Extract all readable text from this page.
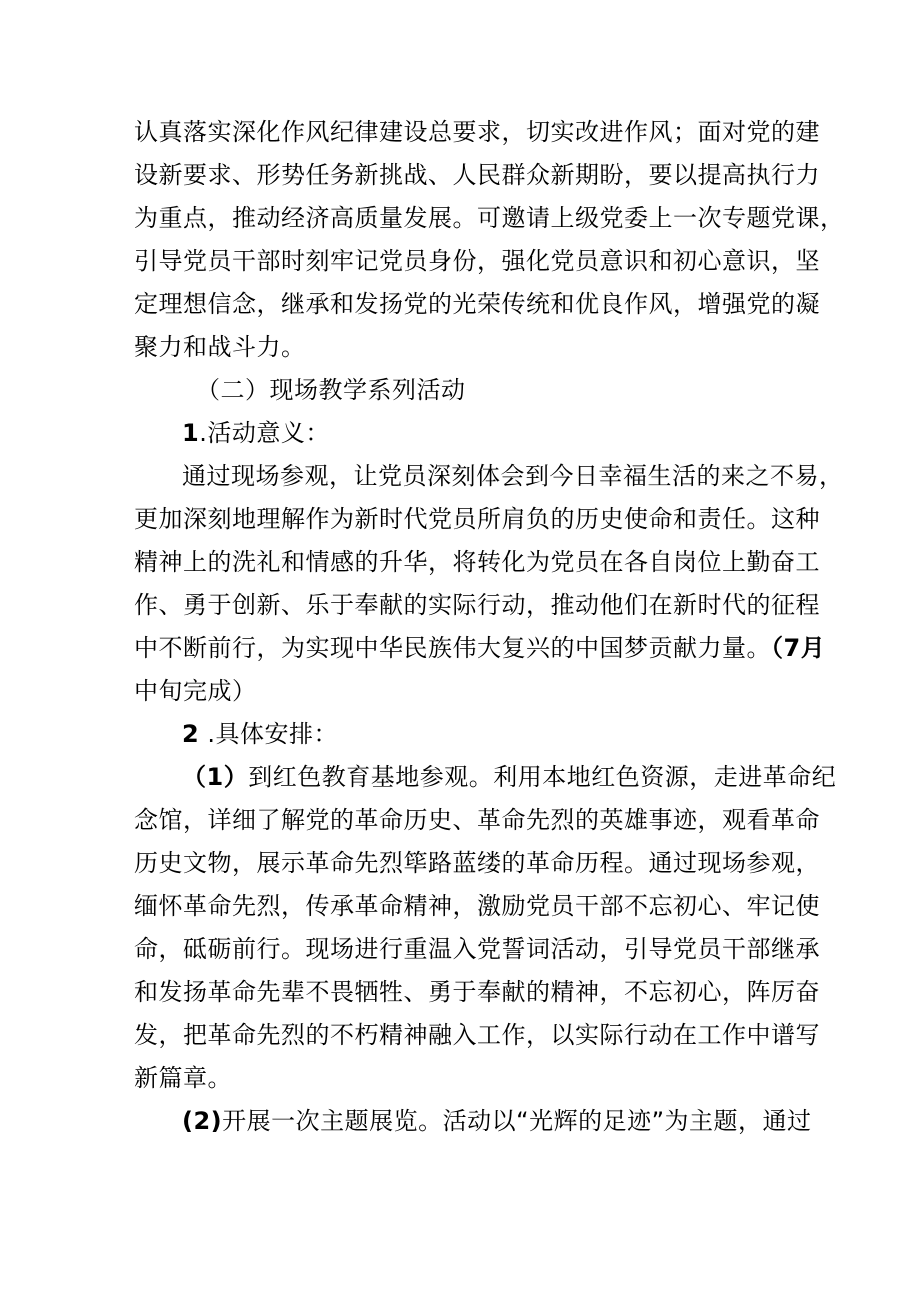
认真落实深化作风纪律建设总要求，切实改进作风；面对党的建
设新要求、形势任务新挑战、人民群众新期盼，要以提高执行力
为重点，推动经济高质量发展。可邀请上级党委上一次专题党课，
引导党员干部时刻牢记党员身份，强化党员意识和初心意识，坚
定理想信念，继承和发扬党的光荣传统和优良作风，增强党的凝
聚力和战斗力。

（二）现场教学系列活动

1.活动意义：

通过现场参观，让党员深刻体会到今日幸福生活的来之不易，
更加深刻地理解作为新时代党员所肩负的历史使命和责任。这种
精神上的洗礼和情感的升华，将转化为党员在各自岗位上勤奋工
作、勇于创新、乐于奉献的实际行动，推动他们在新时代的征程
中不断前行，为实现中华民族伟大复兴的中国梦贡献力量。（7月
中旬完成）

2 .具体安排：

（1）到红色教育基地参观。利用本地红色资源，走进革命纪
念馆，详细了解党的革命历史、革命先烈的英雄事迹，观看革命
历史文物，展示革命先烈筚路蓝缕的革命历程。通过现场参观，
缅怀革命先烈，传承革命精神，激励党员干部不忘初心、牢记使
命，砥砺前行。现场进行重温入党誓词活动，引导党员干部继承
和发扬革命先辈不畏牺牲、勇于奉献的精神，不忘初心，阵厉奋
发，把革命先烈的不朽精神融入工作，以实际行动在工作中谱写
新篇章。

(2)开展一次主题展览。活动以“光辉的足迹”为主题，通过
